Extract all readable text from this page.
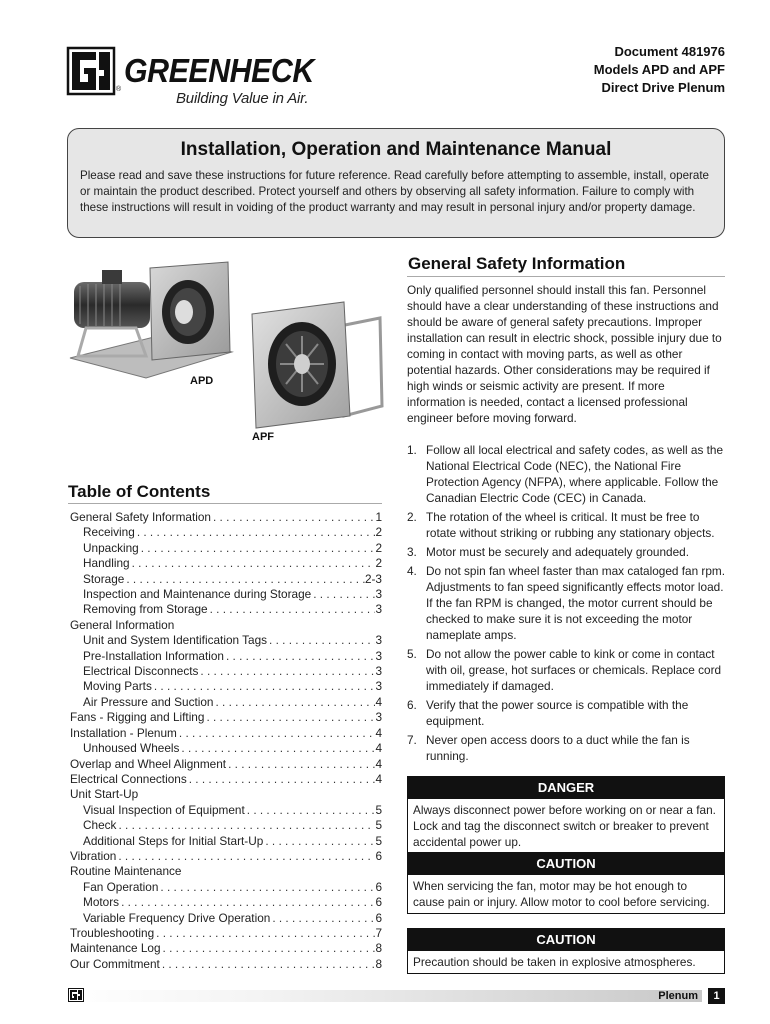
®
GREENHECK
Building Value in Air.
Document 481976
Models APD and APF
Direct Drive Plenum
Installation, Operation and Maintenance Manual

Please read and save these instructions for future reference. Read carefully before attempting to assemble, install, operate or maintain the product described. Protect yourself and others by observing all safety information. Failure to comply with these instructions will result in voiding of the product warranty and may result in personal injury and/or property damage.

APD
APF
Table of Contents
General Safety Information . . .	1
Receiving . . .	2
Unpacking . . .	2
Handling . . .	2
Storage . . .	2-3
Inspection and Maintenance during Storage . . .	3
Removing from Storage . . .	3
General Information
Unit and System Identification Tags . . .	3
Pre-Installation Information . . .	3
Electrical Disconnects . . .	3
Moving Parts . . .	3
Air Pressure and Suction . . .	4
Fans - Rigging and Lifting . . .	3
Installation - Plenum . . .	4
Unhoused Wheels . . .	4
Overlap and Wheel Alignment . . .	4
Electrical Connections . . .	4
Unit Start-Up
Visual Inspection of Equipment . . .	5
Check . . .	5
Additional Steps for Initial Start-Up . . .	5
Vibration . . .	6
Routine Maintenance
Fan Operation . . .	6
Motors . . .	6
Variable Frequency Drive Operation . . .	6
Troubleshooting . . .	7
Maintenance Log . . .	8
Our Commitment . . .	8
General Safety Information

Only qualified personnel should install this fan. Personnel should have a clear understanding of these instructions and should be aware of general safety precautions. Improper installation can result in electric shock, possible injury due to coming in contact with moving parts, as well as other potential hazards. Other considerations may be required if high winds or seismic activity are present. If more information is needed, contact a licensed professional engineer before moving forward.

1. Follow all local electrical and safety codes, as well as the National Electrical Code (NEC), the National Fire Protection Agency (NFPA), where applicable. Follow the Canadian Electric Code (CEC) in Canada.
2. The rotation of the wheel is critical. It must be free to rotate without striking or rubbing any stationary objects.
3. Motor must be securely and adequately grounded.
4. Do not spin fan wheel faster than max cataloged fan rpm. Adjustments to fan speed significantly effects motor load. If the fan RPM is changed, the motor current should be checked to make sure it is not exceeding the motor nameplate amps.
5. Do not allow the power cable to kink or come in contact with oil, grease, hot surfaces or chemicals. Replace cord immediately if damaged.
6. Verify that the power source is compatible with the equipment.
7. Never open access doors to a duct while the fan is running.
DANGER
Always disconnect power before working on or near a fan. Lock and tag the disconnect switch or breaker to prevent accidental power up.
CAUTION
When servicing the fan, motor may be hot enough to cause pain or injury. Allow motor to cool before servicing.
CAUTION
Precaution should be taken in explosive atmospheres.
Plenum	1
